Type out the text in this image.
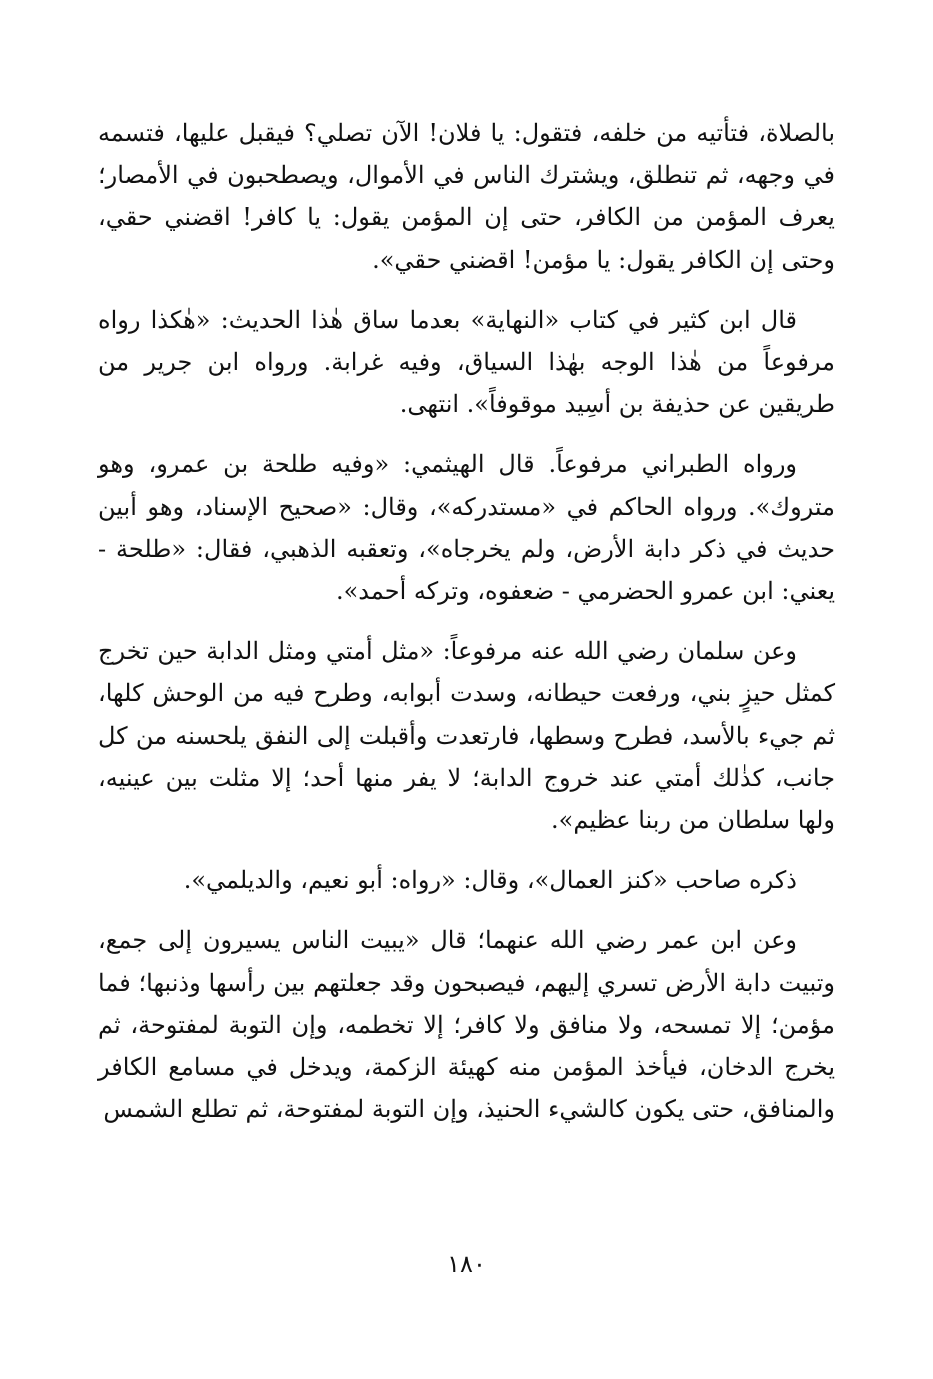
بالصلاة، فتأتيه من خلفه، فتقول: يا فلان! الآن تصلي؟ فيقبل عليها، فتسمه في وجهه، ثم تنطلق، ويشترك الناس في الأموال، ويصطحبون في الأمصار؛ يعرف المؤمن من الكافر، حتى إن المؤمن يقول: يا كافر! اقضني حقي، وحتى إن الكافر يقول: يا مؤمن! اقضني حقي».

قال ابن كثير في كتاب «النهاية» بعدما ساق هٰذا الحديث: «هٰكذا رواه مرفوعاً من هٰذا الوجه بهٰذا السياق، وفيه غرابة. ورواه ابن جرير من طريقين عن حذيفة بن أسِيد موقوفاً». انتهى.

ورواه الطبراني مرفوعاً. قال الهيثمي: «وفيه طلحة بن عمرو، وهو متروك». ورواه الحاكم في «مستدركه»، وقال: «صحيح الإسناد، وهو أبين حديث في ذكر دابة الأرض، ولم يخرجاه»، وتعقبه الذهبي، فقال: «طلحة - يعني: ابن عمرو الحضرمي - ضعفوه، وتركه أحمد».

وعن سلمان رضي الله عنه مرفوعاً: «مثل أمتي ومثل الدابة حين تخرج كمثل حيزٍ بني، ورفعت حيطانه، وسدت أبوابه، وطرح فيه من الوحش كلها، ثم جيء بالأسد، فطرح وسطها، فارتعدت وأقبلت إلى النفق يلحسنه من كل جانب، كذٰلك أمتي عند خروج الدابة؛ لا يفر منها أحد؛ إلا مثلت بين عينيه، ولها سلطان من ربنا عظيم».

ذكره صاحب «كنز العمال»، وقال: «رواه: أبو نعيم، والديلمي».

وعن ابن عمر رضي الله عنهما؛ قال «يبيت الناس يسيرون إلى جمع، وتبيت دابة الأرض تسري إليهم، فيصبحون وقد جعلتهم بين رأسها وذنبها؛ فما مؤمن؛ إلا تمسحه، ولا منافق ولا كافر؛ إلا تخطمه، وإن التوبة لمفتوحة، ثم يخرج الدخان، فيأخذ المؤمن منه كهيئة الزكمة، ويدخل في مسامع الكافر والمنافق، حتى يكون كالشيء الحنيذ، وإن التوبة لمفتوحة، ثم تطلع الشمس

١٨٠
